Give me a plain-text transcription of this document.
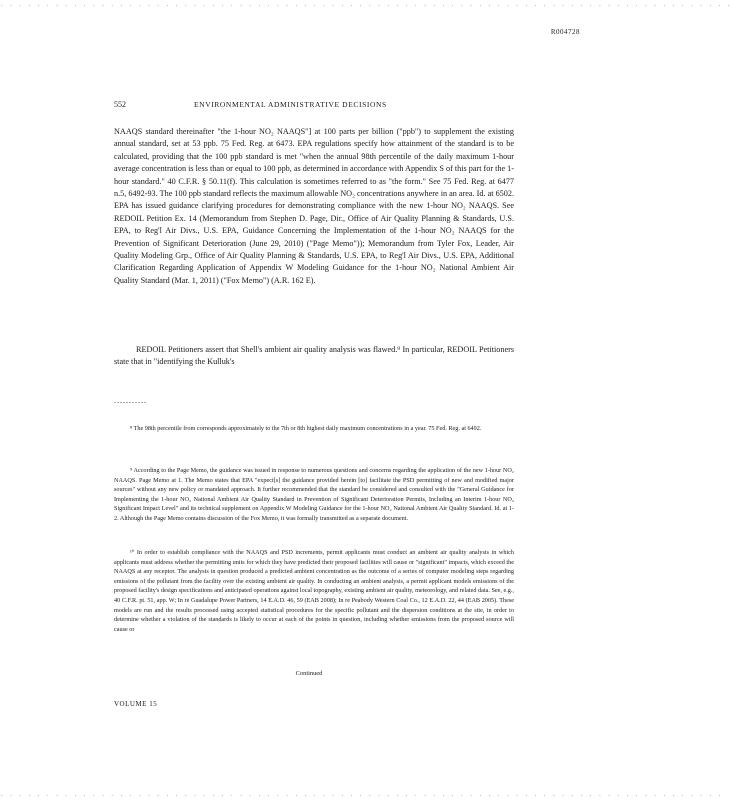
. . . . . . . . . . . . . . . . . . . . . . . . . . . . . . . . . . . . . . . . . . . . . . . . . . . . . . . . . . . . . . . . . . . . . . . . . . . . . . . .
R004728
552	ENVIRONMENTAL ADMINISTRATIVE DECISIONS
NAAQS standard thereinafter "the 1-hour NO₂ NAAQS"] at 100 parts per billion ("ppb") to supplement the existing annual standard, set at 53 ppb. 75 Fed. Reg. at 6473. EPA regulations specify how attainment of the standard is to be calculated, providing that the 100 ppb standard is met "when the annual 98th percentile of the daily maximum 1-hour average concentration is less than or equal to 100 ppb, as determined in accordance with Appendix S of this part for the 1-hour standard." 40 C.F.R. § 50.11(f). This calculation is sometimes referred to as "the form." See 75 Fed. Reg. at 6477 n.5, 6492-93. The 100 ppb standard reflects the maximum allowable NO₂ concentrations anywhere in an area. Id. at 6502. EPA has issued guidance clarifying procedures for demonstrating compliance with the new 1-hour NO₂ NAAQS. See REDOIL Petition Ex. 14 (Memorandum from Stephen D. Page, Dir., Office of Air Quality Planning & Standards, U.S. EPA, to Reg'l Air Divs., U.S. EPA, Guidance Concerning the Implementation of the 1-hour NO₂ NAAQS for the Prevention of Significant Deterioration (June 29, 2010) ("Page Memo")); Memorandum from Tyler Fox, Leader, Air Quality Modeling Grp., Office of Air Quality Planning & Standards, U.S. EPA, to Reg'l Air Divs., U.S. EPA, Additional Clarification Regarding Application of Appendix W Modeling Guidance for the 1-hour NO₂ National Ambient Air Quality Standard (Mar. 1, 2011) ("Fox Memo") (A.R. 162 E).
REDOIL Petitioners assert that Shell's ambient air quality analysis was flawed.⁹ In particular, REDOIL Petitioners state that in "identifying the Kulluk's
...........
⁸ The 98th percentile from corresponds approximately to the 7th or 8th highest daily maximum concentrations in a year. 75 Fed. Reg. at 6492.
⁹ According to the Page Memo, the guidance was issued in response to numerous questions and concerns regarding the application of the new 1-hour NO₂ NAAQS. Page Memo at 1. The Memo states that EPA "expect[s] the guidance provided herein [to] facilitate the PSD permitting of new and modified major sources" without any new policy or mandated approach. It further recommended that the standard be considered and consulted with the "General Guidance for Implementing the 1-hour NO₂ National Ambient Air Quality Standard in Prevention of Significant Deterioration Permits, Including an Interim 1-hour NO₂ Significant Impact Level" and its technical supplement on Appendix W Modeling Guidance for the 1-hour NO₂ National Ambient Air Quality Standard. Id. at 1-2. Although the Page Memo contains discussion of the Fox Memo, it was formally transmitted as a separate document.
¹⁰ In order to establish compliance with the NAAQS and PSD increments, permit applicants must conduct an ambient air quality analysis in which applicants must address whether the permitting units for which they have predicted their proposed facilities will cause or "significant" impacts, which exceed the NAAQS at any receptor. The analysis in question produced a predicted ambient concentration as the outcome of a series of computer modeling steps regarding emissions of the pollutant from the facility over the existing ambient air quality. In conducting an ambient analysis, a permit applicant models emissions of the proposed facility's design specifications and anticipated operations against local topography, existing ambient air quality, meteorology, and related data. See, e.g., 40 C.F.R. pt. 51, app. W; In re Guadalupe Power Partners, 14 E.A.D. 46, 59 (EAB 2008); In re Peabody Western Coal Co., 12 E.A.D. 22, 44 (EAB 2005). These models are run and the results processed using accepted statistical procedures for the specific pollutant and the dispersion conditions at the site, in order to determine whether a violation of the standards is likely to occur at each of the points in question, including whether emissions from the proposed source will cause or
Continued
VOLUME 15
. . . . . . . . . . . . . . . . . . . . . . . . . . . . . . . . . . . . . . . . . . . . . . . . . . . . . . . . . . . . . . . . . . . . . . . . . . . . . . .
